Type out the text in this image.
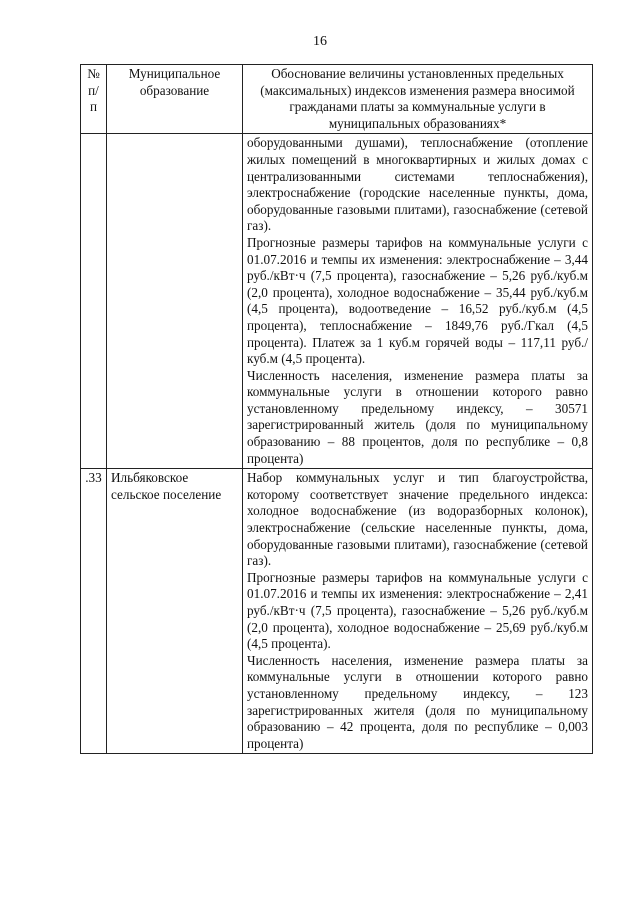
16
№ п/п	Муниципальное образование	Обоснование величины установленных предельных (максимальных) индексов изменения размера вносимой гражданами платы за коммунальные услуги в муниципальных образованиях*

		оборудованными душами), теплоснабжение (отопление жилых помещений в многоквартирных и жилых домах с централизованными системами теплоснабжения), электроснабжение (городские населенные пункты, дома, оборудованные газовыми плитами), газоснабжение (сетевой газ).

Прогнозные размеры тарифов на коммунальные услуги с 01.07.2016 и темпы их изменения: электроснабжение – 3,44 руб./кВт·ч (7,5 процента), газоснабжение – 5,26 руб./куб.м (2,0 процента), холодное водоснабжение – 35,44 руб./куб.м (4,5 процента), водоотведение – 16,52 руб./куб.м (4,5 процента), теплоснабжение – 1849,76 руб./Гкал (4,5 процента). Платеж за 1 куб.м горячей воды – 117,11 руб./куб.м (4,5 процента).

Численность населения, изменение размера платы за коммунальные услуги в отношении которого равно установленному предельному индексу, – 30571 зарегистрированный житель (доля по муниципальному образованию – 88 процентов, доля по республике – 0,8 процента)

.33	Ильбяковское сельское поселение	Набор коммунальных услуг и тип благоустройства, которому соответствует значение предельного индекса: холодное водоснабжение (из водоразборных колонок), электроснабжение (сельские населенные пункты, дома, оборудованные газовыми плитами), газоснабжение (сетевой газ).

Прогнозные размеры тарифов на коммунальные услуги с 01.07.2016 и темпы их изменения: электроснабжение – 2,41 руб./кВт·ч (7,5 процента), газоснабжение – 5,26 руб./куб.м (2,0 процента), холодное водоснабжение – 25,69 руб./куб.м (4,5 процента).

Численность населения, изменение размера платы за коммунальные услуги в отношении которого равно установленному предельному индексу, – 123 зарегистрированных жителя (доля по муниципальному образованию – 42 процента, доля по республике – 0,003 процента)
